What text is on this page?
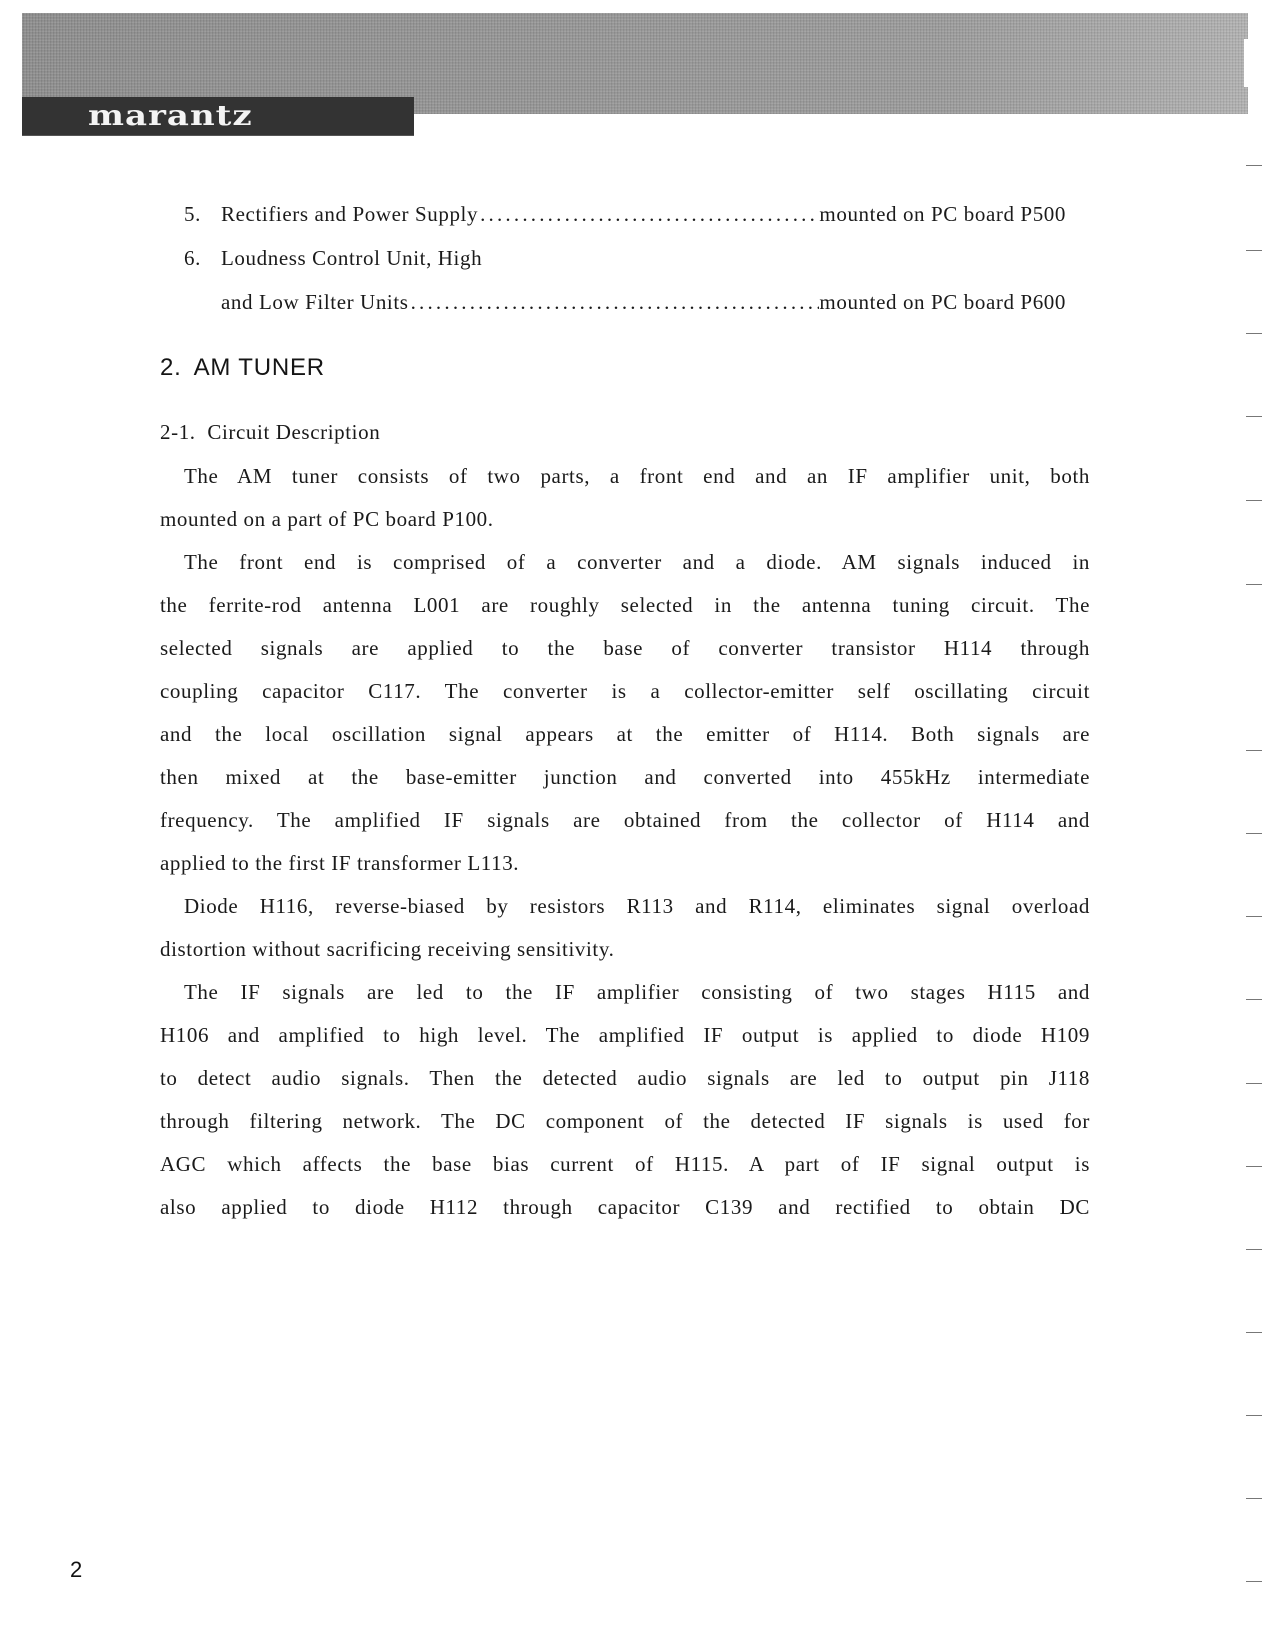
marantz
5. Rectifiers and Power Supply .....	mounted on PC board P500
6. Loudness Control Unit, High
and Low Filter Units .....	mounted on PC board P600
2. AM TUNER
2-1. Circuit Description
The AM tuner consists of two parts, a front end and an IF amplifier unit, both
mounted on a part of PC board P100.
The front end is comprised of a converter and a diode. AM signals induced in
the ferrite-rod antenna L001 are roughly selected in the antenna tuning circuit. The
selected signals are applied to the base of converter transistor H114 through
coupling capacitor C117. The converter is a collector-emitter self oscillating circuit
and the local oscillation signal appears at the emitter of H114. Both signals are
then mixed at the base-emitter junction and converted into 455kHz intermediate
frequency. The amplified IF signals are obtained from the collector of H114 and
applied to the first IF transformer L113.
Diode H116, reverse-biased by resistors R113 and R114, eliminates signal overload
distortion without sacrificing receiving sensitivity.
The IF signals are led to the IF amplifier consisting of two stages H115 and
H106 and amplified to high level. The amplified IF output is applied to diode H109
to detect audio signals. Then the detected audio signals are led to output pin J118
through filtering network. The DC component of the detected IF signals is used for
AGC which affects the base bias current of H115. A part of IF signal output is
also applied to diode H112 through capacitor C139 and rectified to obtain DC
2
